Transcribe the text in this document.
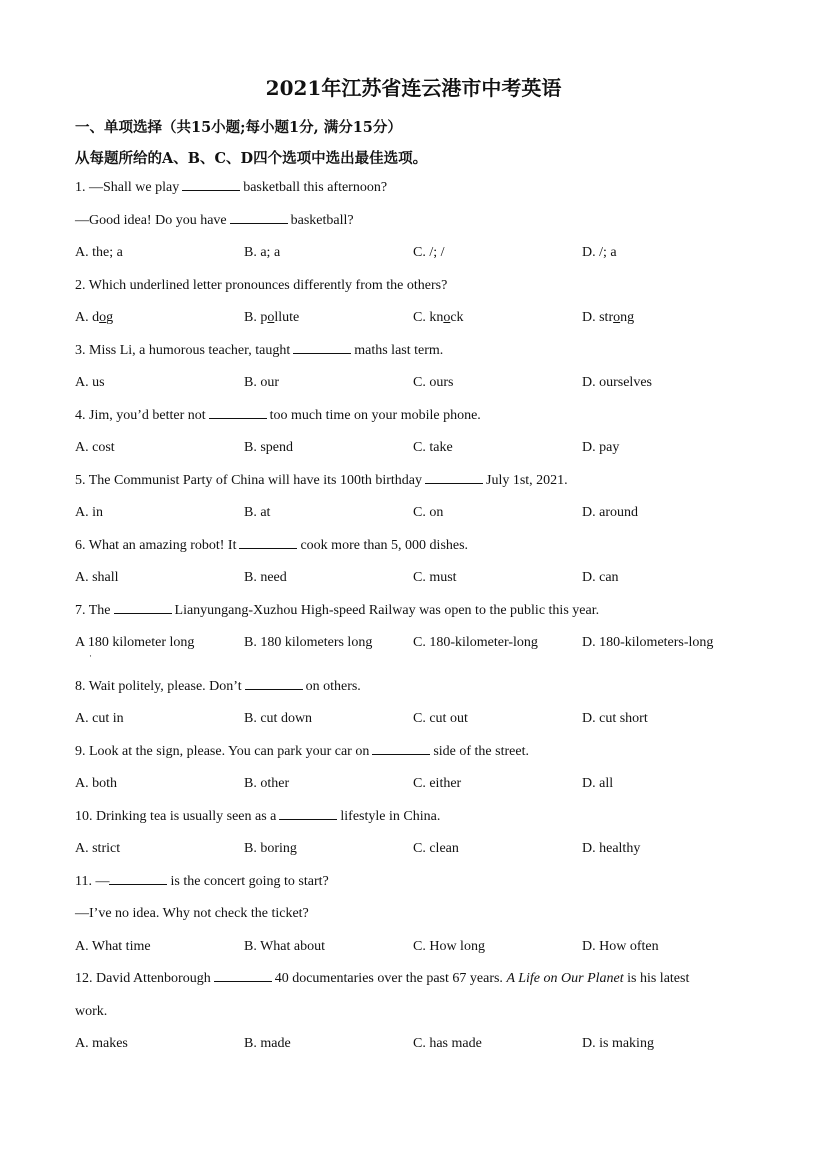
2021年江苏省连云港市中考英语
一、单项选择（共15小题;每小题1分, 满分15分）
从每题所给的A、B、C、D四个选项中选出最佳选项。
1. —Shall we play	basketball this afternoon?
—Good idea! Do you have	basketball?
A. the; a	B. a; a	C. /; /	D. /; a
2. Which underlined letter pronounces differently from the others?
A. dog	B. pollute	C. knock	D. strong
3. Miss Li, a humorous teacher, taught	maths last term.
A. us	B. our	C. ours	D. ourselves
4. Jim, you’d better not	too much time on your mobile phone.
A. cost	B. spend	C. take	D. pay
5. The Communist Party of China will have its 100th birthday	July 1st, 2021.
A. in	B. at	C. on	D. around
6. What an amazing robot! It	cook more than 5, 000 dishes.
A. shall	B. need	C. must	D. can
7. The	Lianyungang-Xuzhou High-speed Railway was open to the public this year.
A 180 kilometer long	B. 180 kilometers long	C. 180-kilometer-long	D. 180-kilometers-long
·
8. Wait politely, please. Don’t	on others.
A. cut in	B. cut down	C. cut out	D. cut short
9. Look at the sign, please. You can park your car on	side of the street.
A. both	B. other	C. either	D. all
10. Drinking tea is usually seen as a	lifestyle in China.
A. strict	B. boring	C. clean	D. healthy
11. —	is the concert going to start?
—I’ve no idea. Why not check the ticket?
A. What time	B. What about	C. How long	D. How often
12. David Attenborough	40 documentaries over the past 67 years. A Life on Our Planet is his latest
work.
A. makes	B. made	C. has made	D. is making
